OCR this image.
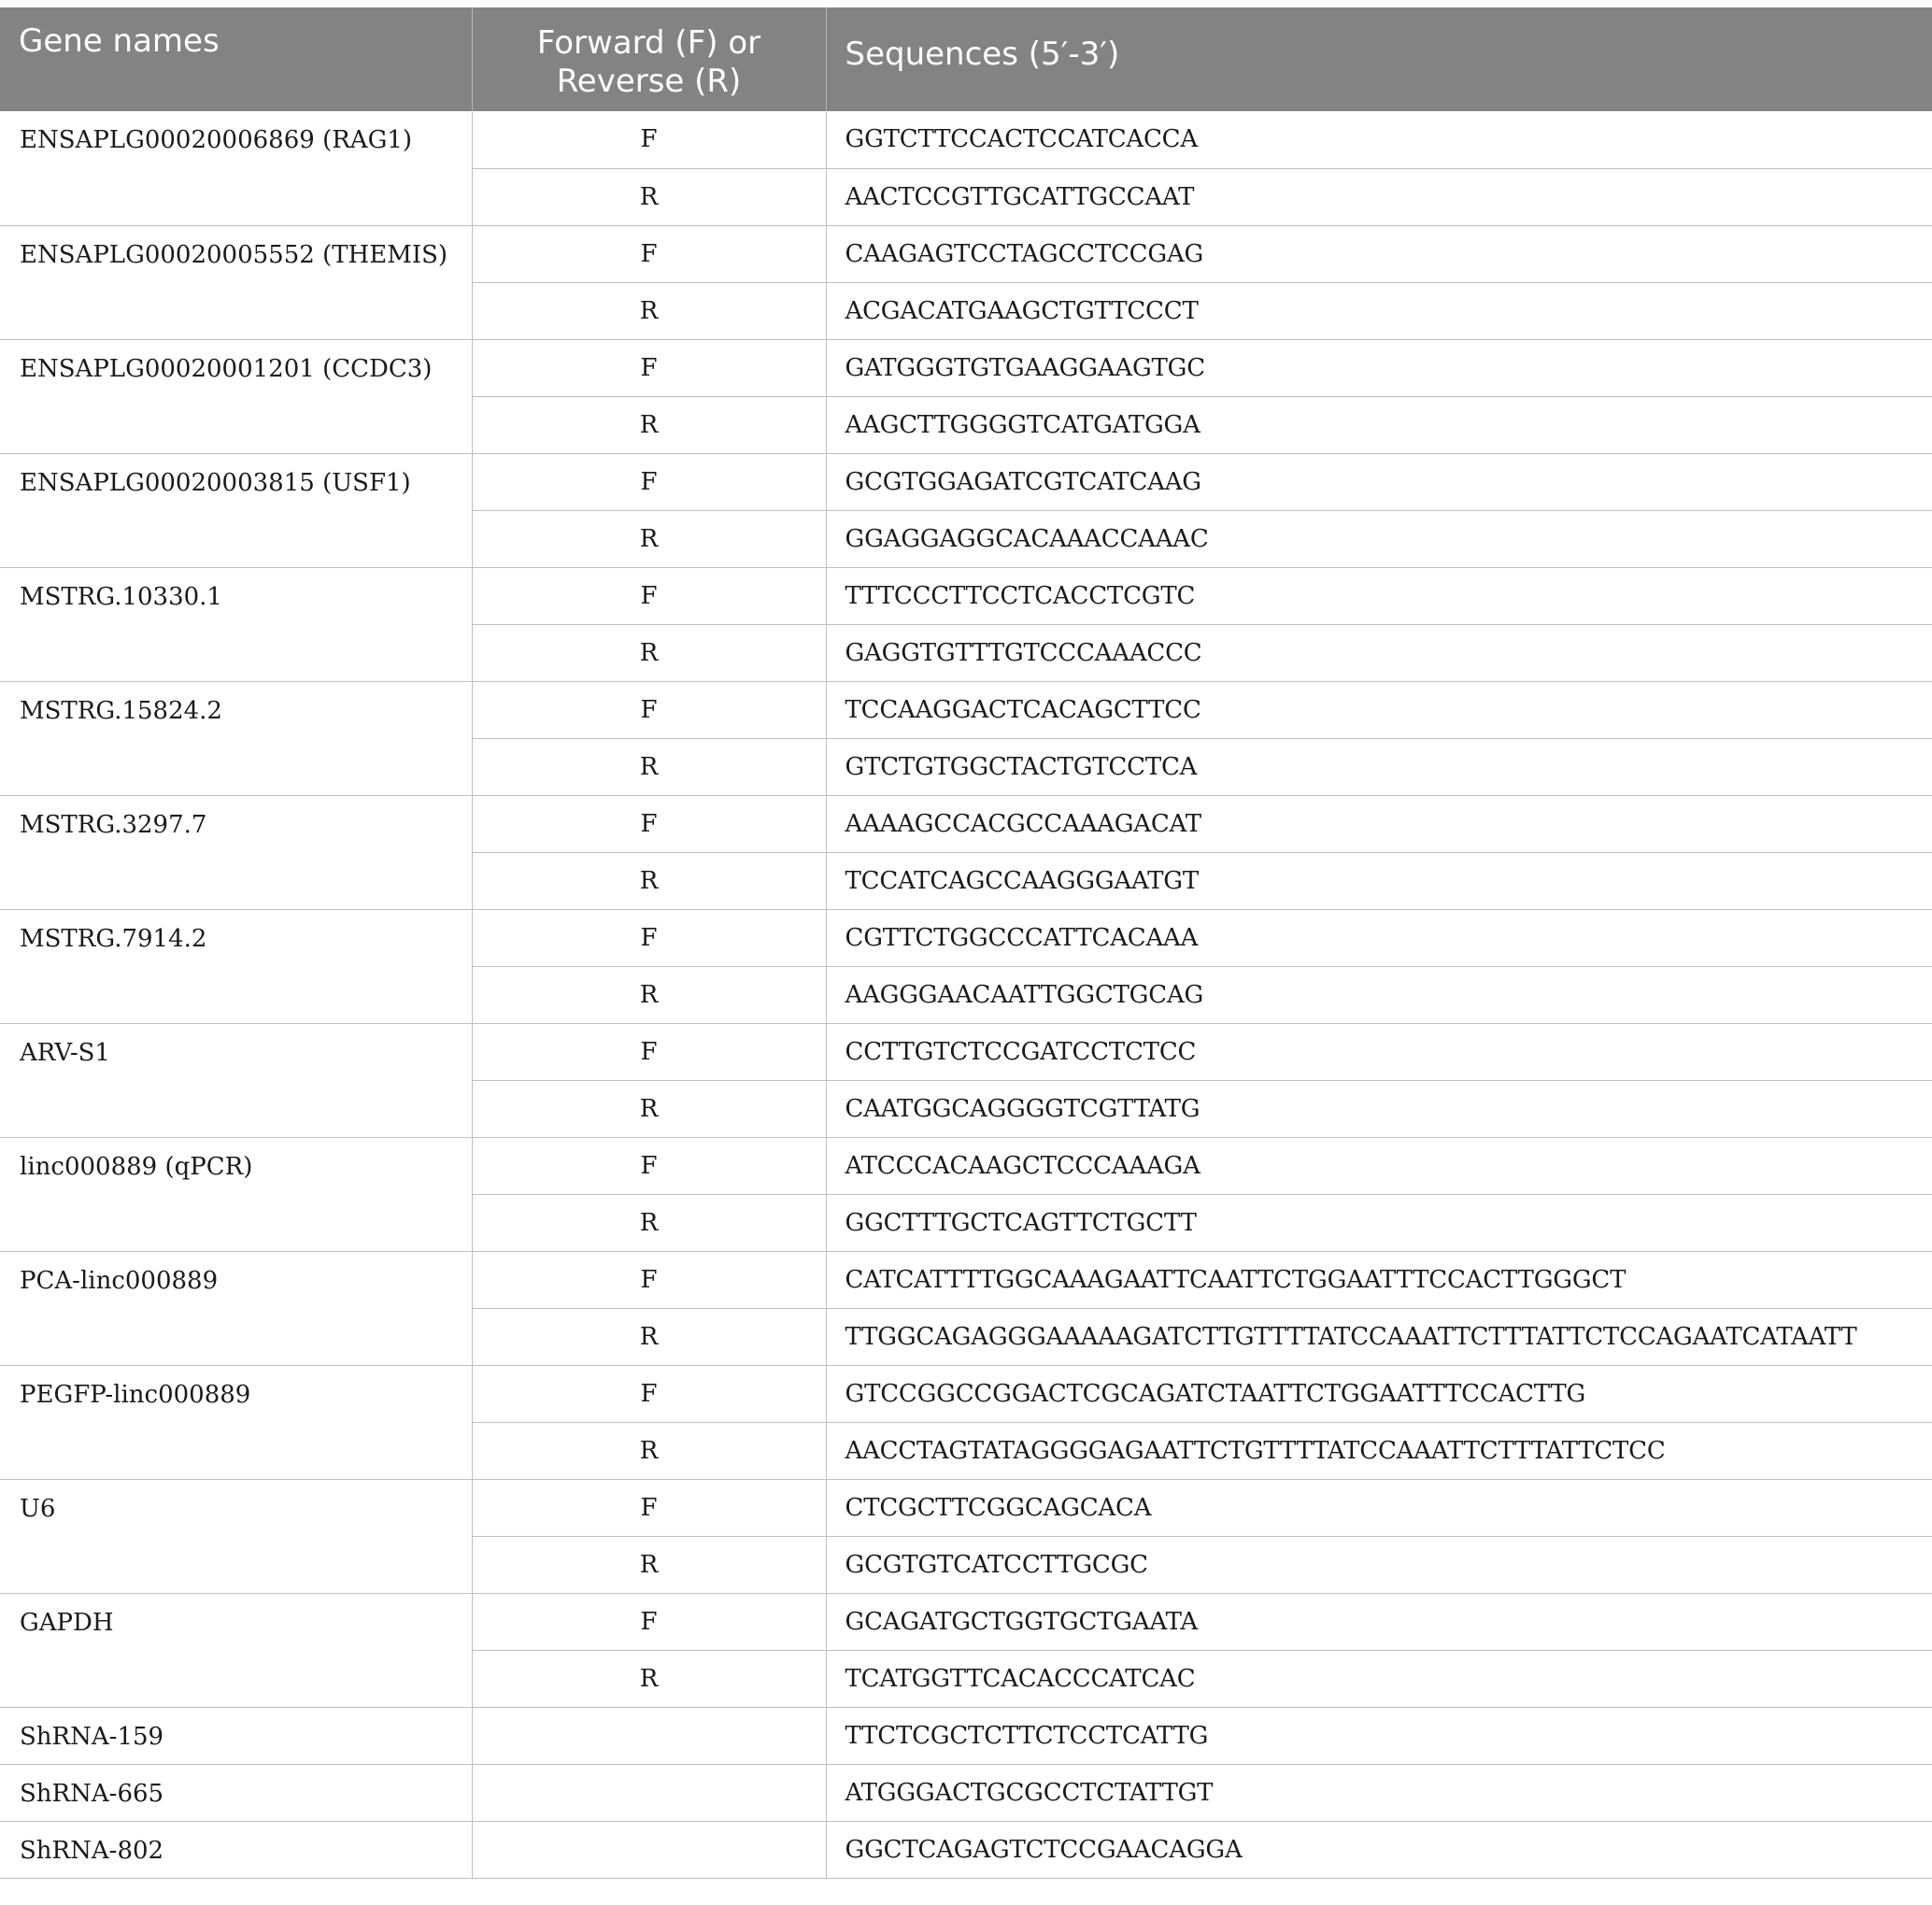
Gene names	Forward (F) or Reverse (R)	Sequences (5′-3′)
ENSAPLG00020006869 (RAG1)	F	GGTCTTCCACTCCATCACCA
	R	AACTCCGTTGCATTGCCAAT
ENSAPLG00020005552 (THEMIS)	F	CAAGAGTCCTAGCCTCCGAG
	R	ACGACATGAAGCTGTTCCCT
ENSAPLG00020001201 (CCDC3)	F	GATGGGTGTGAAGGAAGTGC
	R	AAGCTTGGGGTCATGATGGA
ENSAPLG00020003815 (USF1)	F	GCGTGGAGATCGTCATCAAG
	R	GGAGGAGGCACAAACCAAAC
MSTRG.10330.1	F	TTTCCCTTCCTCACCTCGTC
	R	GAGGTGTTTGTCCCAAACCC
MSTRG.15824.2	F	TCCAAGGACTCACAGCTTCC
	R	GTCTGTGGCTACTGTCCTCA
MSTRG.3297.7	F	AAAAGCCACGCCAAAGACAT
	R	TCCATCAGCCAAGGGAATGT
MSTRG.7914.2	F	CGTTCTGGCCCATTCACAAA
	R	AAGGGAACAATTGGCTGCAG
ARV-S1	F	CCTTGTCTCCGATCCTCTCC
	R	CAATGGCAGGGGTCGTTATG
linc000889 (qPCR)	F	ATCCCACAAGCTCCCAAAGA
	R	GGCTTTGCTCAGTTCTGCTT
PCA-linc000889	F	CATCATTTTGGCAAAGAATTCAATTCTGGAATTTCCACTTGGGCT
	R	TTGGCAGAGGGAAAAAGATCTTGTTTTATCCAAATTCTTTATTCTCCAGAATCATAATT
PEGFP-linc000889	F	GTCCGGCCGGACTCGCAGATCTAATTCTGGAATTTCCACTTG
	R	AACCTAGTATAGGGGAGAATTCTGTTTTATCCAAATTCTTTATTCTCC
U6	F	CTCGCTTCGGCAGCACA
	R	GCGTGTCATCCTTGCGC
GAPDH	F	GCAGATGCTGGTGCTGAATA
	R	TCATGGTTCACACCCATCAC
ShRNA-159		TTCTCGCTCTTCTCCTCATTG
ShRNA-665		ATGGGACTGCGCCTCTATTGT
ShRNA-802		GGCTCAGAGTCTCCGAACAGGA
